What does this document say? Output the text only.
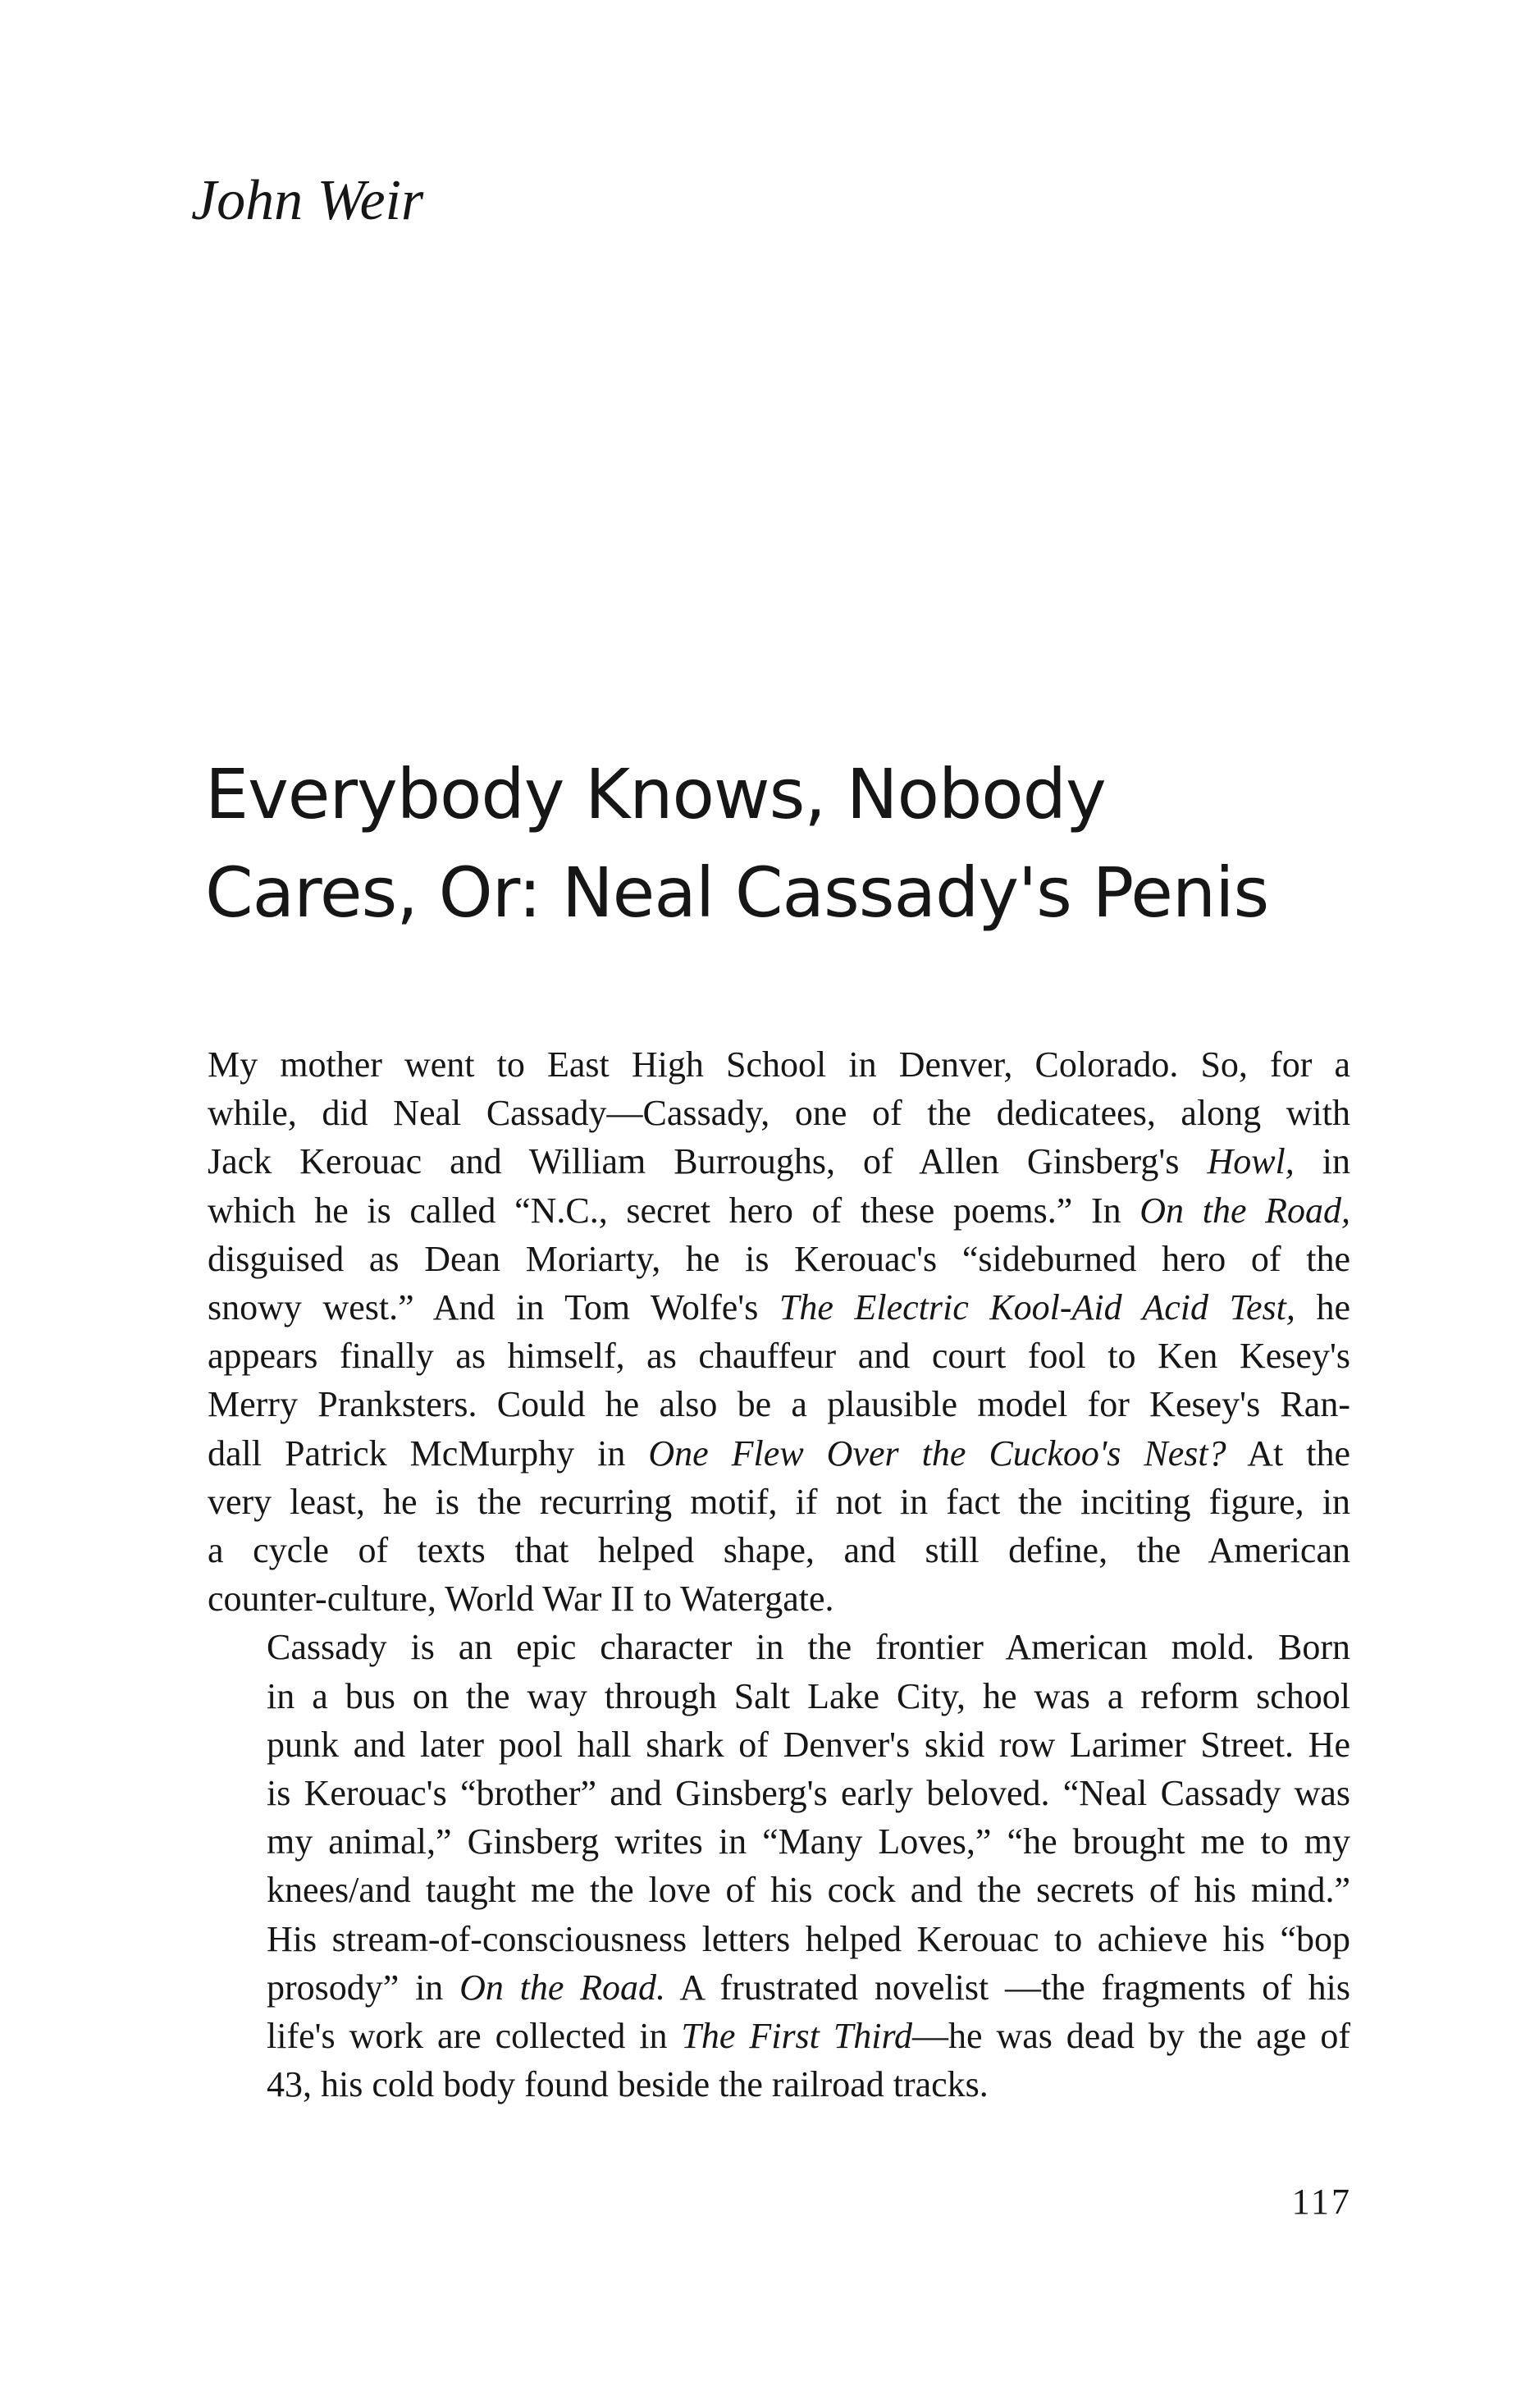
John Weir
Everybody Knows, Nobody
Cares, Or: Neal Cassady's Penis

My mother went to East High School in Denver, Colorado. So, for a
while, did Neal Cassady—Cassady, one of the dedicatees, along with
Jack Kerouac and William Burroughs, of Allen Ginsberg's Howl, in
which he is called “N.C., secret hero of these poems.” In On the Road,
disguised as Dean Moriarty, he is Kerouac's “sideburned hero of the
snowy west.” And in Tom Wolfe's The Electric Kool-Aid Acid Test, he
appears finally as himself, as chauffeur and court fool to Ken Kesey's
Merry Pranksters. Could he also be a plausible model for Kesey's Ran-
dall Patrick McMurphy in One Flew Over the Cuckoo's Nest? At the
very least, he is the recurring motif, if not in fact the inciting figure, in
a cycle of texts that helped shape, and still define, the American
counter-culture, World War II to Watergate.

Cassady is an epic character in the frontier American mold. Born
in a bus on the way through Salt Lake City, he was a reform school
punk and later pool hall shark of Denver's skid row Larimer Street. He
is Kerouac's “brother” and Ginsberg's early beloved. “Neal Cassady was
my animal,” Ginsberg writes in “Many Loves,” “he brought me to my
knees/and taught me the love of his cock and the secrets of his mind.”
His stream-of-consciousness letters helped Kerouac to achieve his “bop
prosody” in On the Road. A frustrated novelist —the fragments of his
life's work are collected in The First Third—he was dead by the age of
43, his cold body found beside the railroad tracks.

117
